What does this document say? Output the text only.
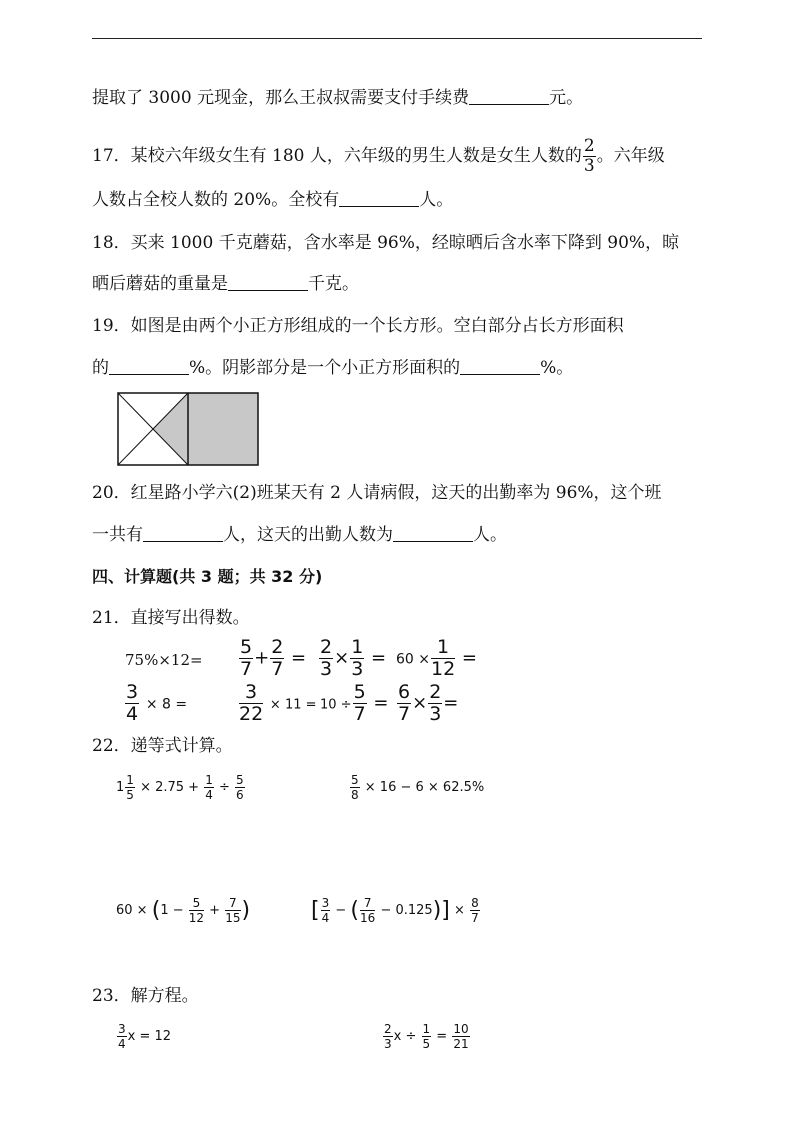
提取了 3000 元现金，那么王叔叔需要支付手续费	元。
17．某校六年级女生有 180 人，六年级的男生人数是女生人数的 $\frac{2}{3}$ 。六年级
人数占全校人数的 20%。全校有	人。
18．买来 1000 千克蘑菇，含水率是 96%，经晾晒后含水率下降到 90%，晾
晒后蘑菇的重量是	千克。
19．如图是由两个小正方形组成的一个长方形。空白部分占长方形面积
的	%。阴影部分是一个小正方形面积的	%。
20．红星路小学六(2)班某天有 2 人请病假，这天的出勤率为 96%，这个班
一共有	人，这天的出勤人数为	人。
四、计算题(共 3 题；共 32 分)
21．直接写出得数。
$75\%\times 12= \frac{5}{7} + \frac{2}{7} = \frac{2}{3} \times \frac{1}{3} = 60 \times \frac{1}{12}$ =
$\frac{3}{4} \times 8$ =	$\frac{3}{22} \times 11 = 10 \div \frac{5}{7} = \frac{6}{7} \times \frac{2}{3}$ =
22．递等式计算。
$1 \frac{1}{5} \times 2.75 + \frac{1}{4} \div \frac{5}{6}$	$\frac{5}{8} \times 16 - 6 \times 62.5\%$
$60 \times (1 - \frac{5}{12} + \frac{7}{15}$ )	[ $\frac{3}{4}$ − ( $\frac{7}{16} - 0.125)] \times \frac{8}{7}$
23．解方程。
$\frac{3}{4}$ x = 12	$\frac{2}{3}$ $x \div \frac{1}{5} = \frac{10}{21}$
